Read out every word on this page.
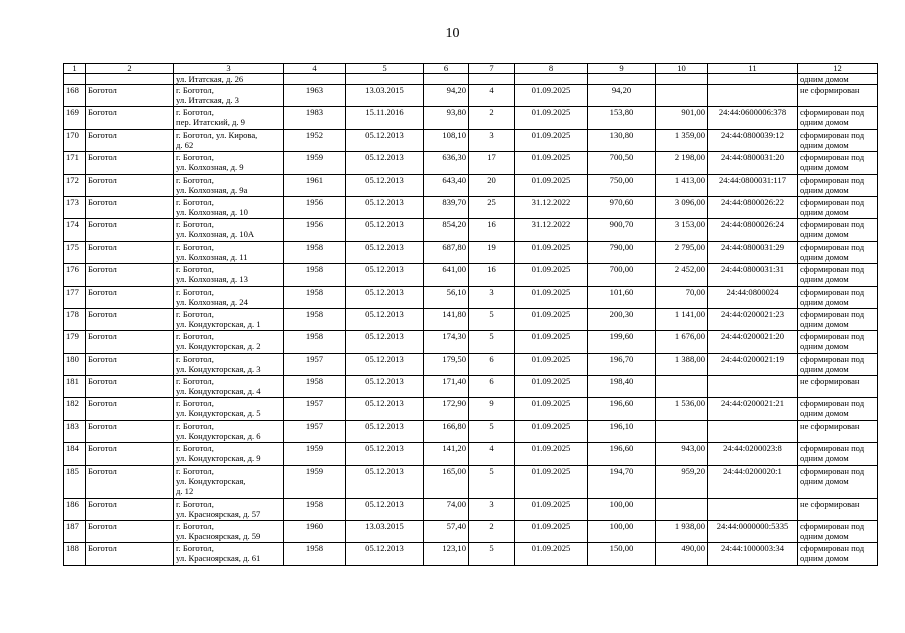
10
1	2	3	4	5	6	7	8	9	10	11	12
		ул. Итатская, д. 26									одним домом
168	Боготол	г. Боготол,
ул. Итатская, д. 3	1963	13.03.2015	94,20	4	01.09.2025	94,20			не сформирован

169	Боготол	г. Боготол,
пер. Итатский, д. 9	1983	15.11.2016	93,80	2	01.09.2025	153,80	901,00	24:44:0600006:378	сформирован под
одним домом

170	Боготол	г. Боготол, ул. Кирова,
д. 62	1952	05.12.2013	108,10	3	01.09.2025	130,80	1 359,00	24:44:0800039:12	сформирован под
одним домом

171	Боготол	г. Боготол,
ул. Колхозная, д. 9	1959	05.12.2013	636,30	17	01.09.2025	700,50	2 198,00	24:44:0800031:20	сформирован под
одним домом

172	Боготол	г. Боготол,
ул. Колхозная, д. 9а	1961	05.12.2013	643,40	20	01.09.2025	750,00	1 413,00	24:44:0800031:117	сформирован под
одним домом

173	Боготол	г. Боготол,
ул. Колхозная, д. 10	1956	05.12.2013	839,70	25	31.12.2022	970,60	3 096,00	24:44:0800026:22	сформирован под
одним домом

174	Боготол	г. Боготол,
ул. Колхозная, д. 10А	1956	05.12.2013	854,20	16	31.12.2022	900,70	3 153,00	24:44:0800026:24	сформирован под
одним домом

175	Боготол	г. Боготол,
ул. Колхозная, д. 11	1958	05.12.2013	687,80	19	01.09.2025	790,00	2 795,00	24:44:0800031:29	сформирован под
одним домом

176	Боготол	г. Боготол,
ул. Колхозная, д. 13	1958	05.12.2013	641,00	16	01.09.2025	700,00	2 452,00	24:44:0800031:31	сформирован под
одним домом

177	Боготол	г. Боготол,
ул. Колхозная, д. 24	1958	05.12.2013	56,10	3	01.09.2025	101,60	70,00	24:44:0800024	сформирован под
одним домом

178	Боготол	г. Боготол,
ул. Кондукторская, д. 1	1958	05.12.2013	141,80	5	01.09.2025	200,30	1 141,00	24:44:0200021:23	сформирован под
одним домом

179	Боготол	г. Боготол,
ул. Кондукторская, д. 2	1958	05.12.2013	174,30	5	01.09.2025	199,60	1 676,00	24:44:0200021:20	сформирован под
одним домом

180	Боготол	г. Боготол,
ул. Кондукторская, д. 3	1957	05.12.2013	179,50	6	01.09.2025	196,70	1 388,00	24:44:0200021:19	сформирован под
одним домом

181	Боготол	г. Боготол,
ул. Кондукторская, д. 4	1958	05.12.2013	171,40	6	01.09.2025	198,40			не сформирован

182	Боготол	г. Боготол,
ул. Кондукторская, д. 5	1957	05.12.2013	172,90	9	01.09.2025	196,60	1 536,00	24:44:0200021:21	сформирован под
одним домом

183	Боготол	г. Боготол,
ул. Кондукторская, д. 6	1957	05.12.2013	166,80	5	01.09.2025	196,10			не сформирован

184	Боготол	г. Боготол,
ул. Кондукторская, д. 9	1959	05.12.2013	141,20	4	01.09.2025	196,60	943,00	24:44:0200023:8	сформирован под
одним домом

185	Боготол	г. Боготол,
ул. Кондукторская,
д. 12	1959	05.12.2013	165,00	5	01.09.2025	194,70	959,20	24:44:0200020:1	сформирован под
одним домом

186	Боготол	г. Боготол,
ул. Красноярская, д. 57	1958	05.12.2013	74,00	3	01.09.2025	100,00			не сформирован

187	Боготол	г. Боготол,
ул. Красноярская, д. 59	1960	13.03.2015	57,40	2	01.09.2025	100,00	1 938,00	24:44:0000000:5335	сформирован под
одним домом

188	Боготол	г. Боготол,
ул. Красноярская, д. 61	1958	05.12.2013	123,10	5	01.09.2025	150,00	490,00	24:44:1000003:34	сформирован под
одним домом
